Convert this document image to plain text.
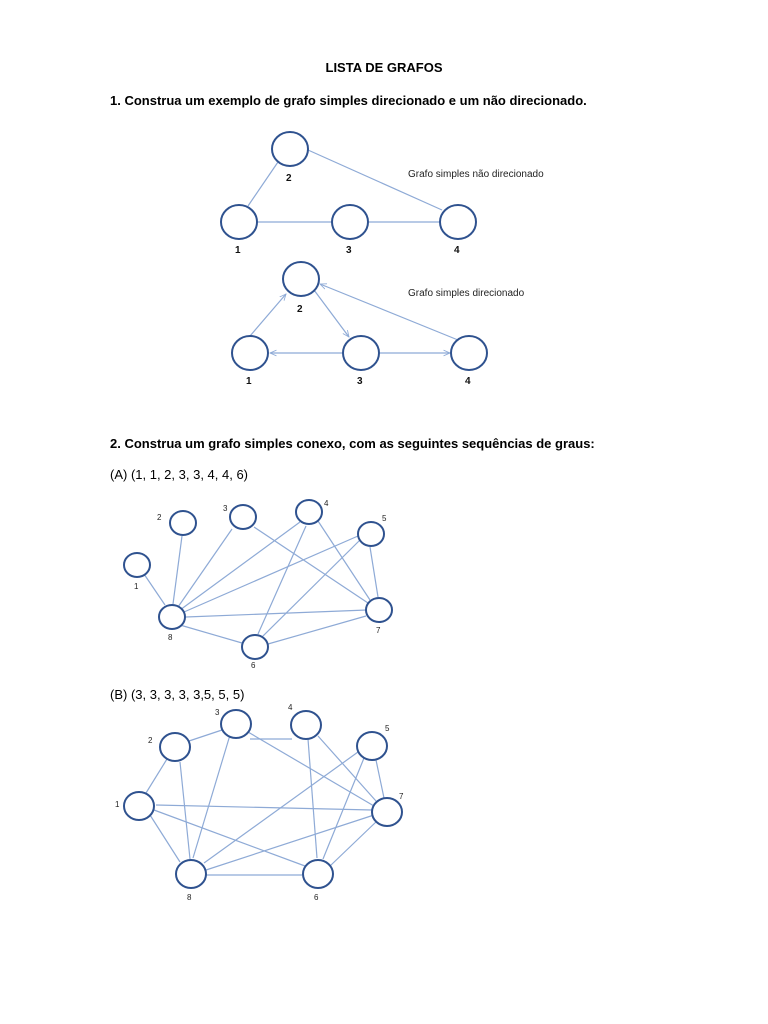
LISTA DE GRAFOS
1. Construa um exemplo de grafo simples direcionado e um não direcionado.
2
1	3	4
Grafo simples não direcionado
2
1	3	4
Grafo simples direcionado
2. Construa um grafo simples conexo, com as seguintes sequências de graus:
(A) (1, 1, 2, 3, 3, 4, 4, 6)
1
2
3
4
5
6
7
8
(B) (3, 3, 3, 3, 3,5, 5, 5)
1
2
3
4
5
6
7
8
